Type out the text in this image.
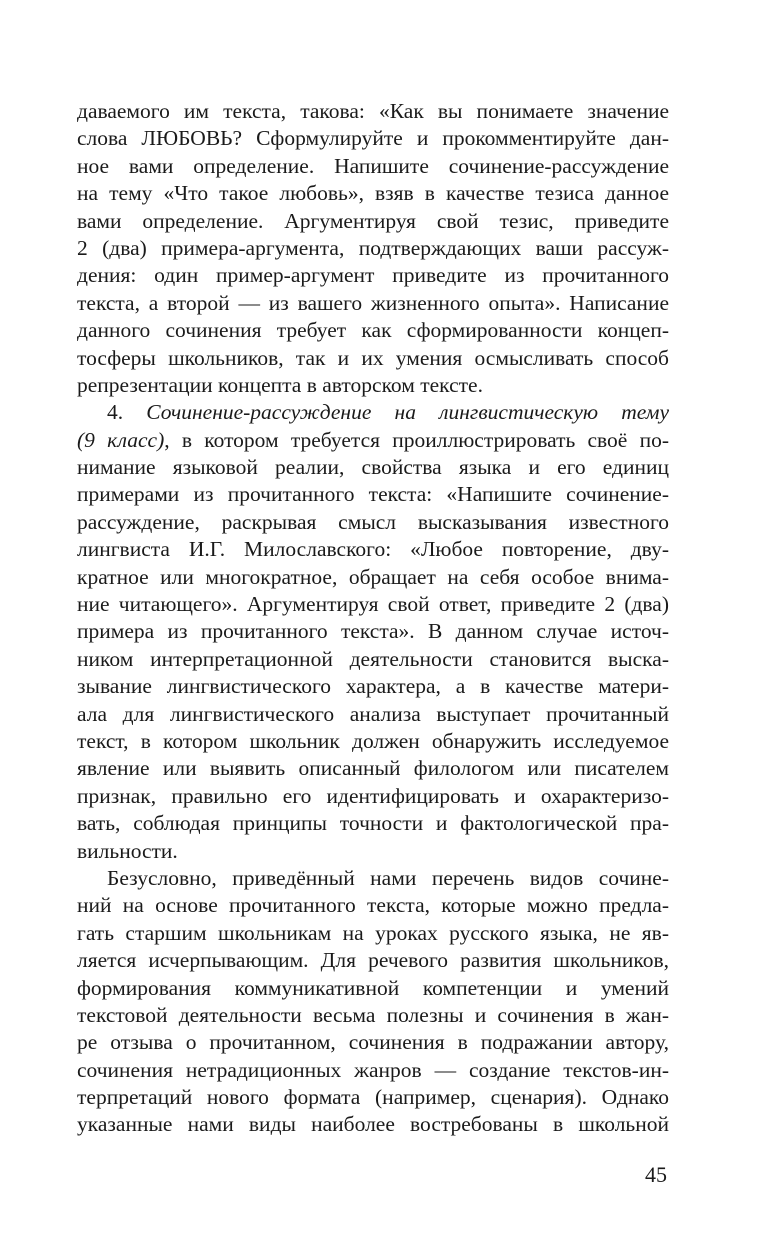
даваемого им текста, такова: «Как вы понимаете значение
слова ЛЮБОВЬ? Сформулируйте и прокомментируйте дан-
ное вами определение. Напишите сочинение-рассуждение
на тему «Что такое любовь», взяв в качестве тезиса данное
вами определение. Аргументируя свой тезис, приведите
2 (два) примера-аргумента, подтверждающих ваши рассуж-
дения: один пример-аргумент приведите из прочитанного
текста, а второй — из вашего жизненного опыта». Написание
данного сочинения требует как сформированности концеп-
тосферы школьников, так и их умения осмысливать способ
репрезентации концепта в авторском тексте.
4. Сочинение-рассуждение на лингвистическую тему
(9 класс), в котором требуется проиллюстрировать своё по-
нимание языковой реалии, свойства языка и его единиц
примерами из прочитанного текста: «Напишите сочинение-
рассуждение, раскрывая смысл высказывания известного
лингвиста И.Г. Милославского: «Любое повторение, дву-
кратное или многократное, обращает на себя особое внима-
ние читающего». Аргументируя свой ответ, приведите 2 (два)
примера из прочитанного текста». В данном случае источ-
ником интерпретационной деятельности становится выска-
зывание лингвистического характера, а в качестве матери-
ала для лингвистического анализа выступает прочитанный
текст, в котором школьник должен обнаружить исследуемое
явление или выявить описанный филологом или писателем
признак, правильно его идентифицировать и охарактеризо-
вать, соблюдая принципы точности и фактологической пра-
вильности.
Безусловно, приведённый нами перечень видов сочине-
ний на основе прочитанного текста, которые можно предла-
гать старшим школьникам на уроках русского языка, не яв-
ляется исчерпывающим. Для речевого развития школьников,
формирования коммуникативной компетенции и умений
текстовой деятельности весьма полезны и сочинения в жан-
ре отзыва о прочитанном, сочинения в подражании автору,
сочинения нетрадиционных жанров — создание текстов-ин-
терпретаций нового формата (например, сценария). Однако
указанные нами виды наиболее востребованы в школьной
45
